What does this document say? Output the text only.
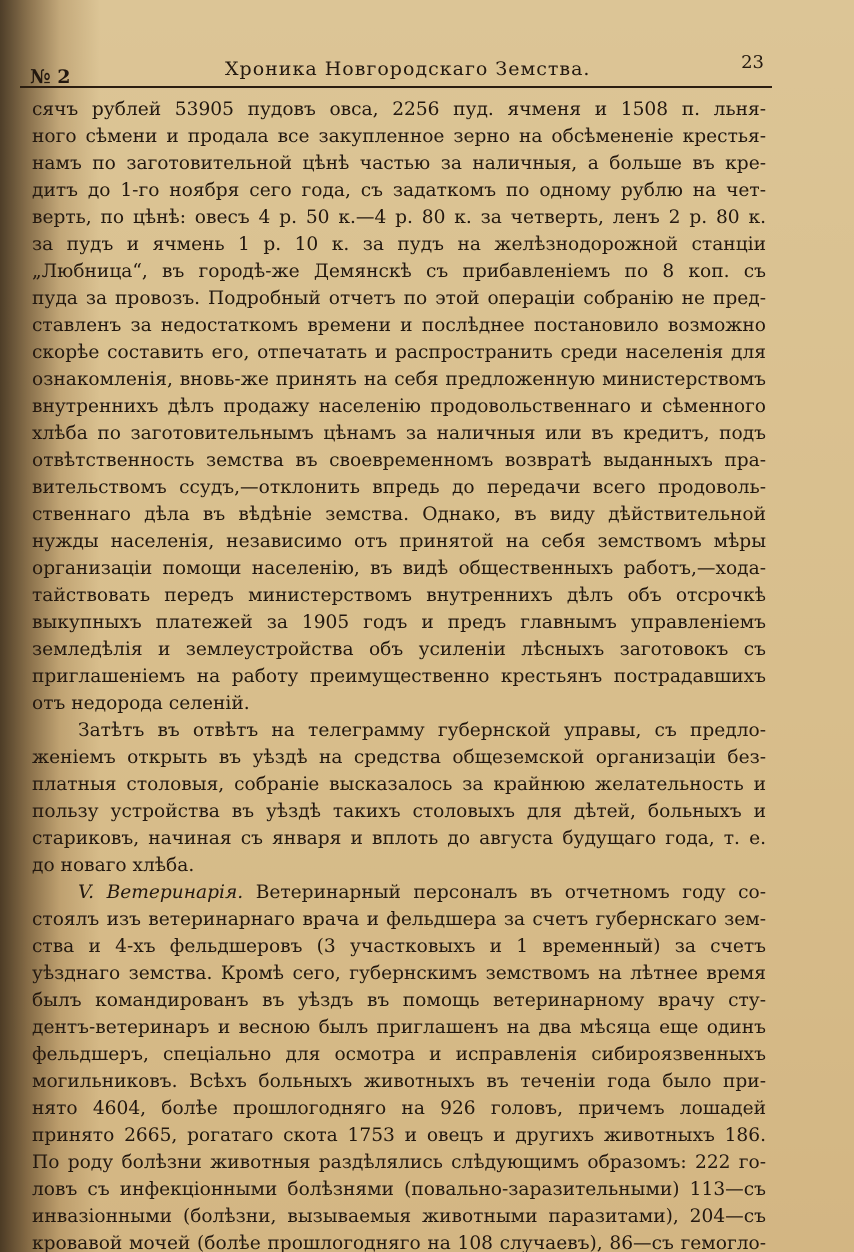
№ 2	Хроника Новгородскаго Земства.	23
сячъ рублей 53905 пудовъ овса, 2256 пуд. ячменя и 1508 п. льня-
ного сѣмени и продала все закупленное зерно на обсѣмененіе крестья-
намъ по заготовительной цѣнѣ частью за наличныя, а больше въ кре-
дитъ до 1-го ноября сего года, съ задаткомъ по одному рублю на чет-
верть, по цѣнѣ: овесъ 4 р. 50 к.—4 р. 80 к. за четверть, ленъ 2 р. 80 к.
за пудъ и ячмень 1 р. 10 к. за пудъ на желѣзнодорожной станціи
„Любница“, въ городѣ-же Демянскѣ съ прибавленіемъ по 8 коп. съ
пуда за провозъ. Подробный отчетъ по этой операціи собранію не пред-
ставленъ за недостаткомъ времени и послѣднее постановило возможно
скорѣе составить его, отпечатать и распространить среди населенія для
ознакомленія, вновь-же принять на себя предложенную министерствомъ
внутреннихъ дѣлъ продажу населенію продовольственнаго и сѣменного
хлѣба по заготовительнымъ цѣнамъ за наличныя или въ кредитъ, подъ
отвѣтственность земства въ своевременномъ возвратѣ выданныхъ пра-
вительствомъ ссудъ,—отклонить впредь до передачи всего продоволь-
ственнаго дѣла въ вѣдѣніе земства. Однако, въ виду дѣйствительной
нужды населенія, независимо отъ принятой на себя земствомъ мѣры
организаціи помощи населенію, въ видѣ общественныхъ работъ,—хода-
тайствовать передъ министерствомъ внутреннихъ дѣлъ объ отсрочкѣ
выкупныхъ платежей за 1905 годъ и предъ главнымъ управленіемъ
земледѣлія и землеустройства объ усиленіи лѣсныхъ заготовокъ съ
приглашеніемъ на работу преимущественно крестьянъ пострадавшихъ
отъ недорода селеній.
Затѣтъ въ отвѣтъ на телеграмму губернской управы, съ предло-
женіемъ открыть въ уѣздѣ на средства общеземской организаціи без-
платныя столовыя, собраніе высказалось за крайнюю желательность и
пользу устройства въ уѣздѣ такихъ столовыхъ для дѣтей, больныхъ и
стариковъ, начиная съ января и вплоть до августа будущаго года, т. е.
до новаго хлѣба.
V. Ветеринарія. Ветеринарный персоналъ въ отчетномъ году со-
стоялъ изъ ветеринарнаго врача и фельдшера за счетъ губернскаго зем-
ства и 4-хъ фельдшеровъ (3 участковыхъ и 1 временный) за счетъ
уѣзднаго земства. Кромѣ сего, губернскимъ земствомъ на лѣтнее время
былъ командированъ въ уѣздъ въ помощь ветеринарному врачу сту-
дентъ-ветеринаръ и весною былъ приглашенъ на два мѣсяца еще одинъ
фельдшеръ, спеціально для осмотра и исправленія сибироязвенныхъ
могильниковъ. Всѣхъ больныхъ животныхъ въ теченіи года было при-
нято 4604, болѣе прошлогодняго на 926 головъ, причемъ лошадей
принято 2665, рогатаго скота 1753 и овецъ и другихъ животныхъ 186.
По роду болѣзни животныя раздѣлялись слѣдующимъ образомъ: 222 го-
ловъ съ инфекціонными болѣзнями (повально-заразительными) 113—съ
инвазіонными (болѣзни, вызываемыя животными паразитами), 204—съ
кровавой мочей (болѣе прошлогодняго на 108 случаевъ), 86—съ гемогло-
